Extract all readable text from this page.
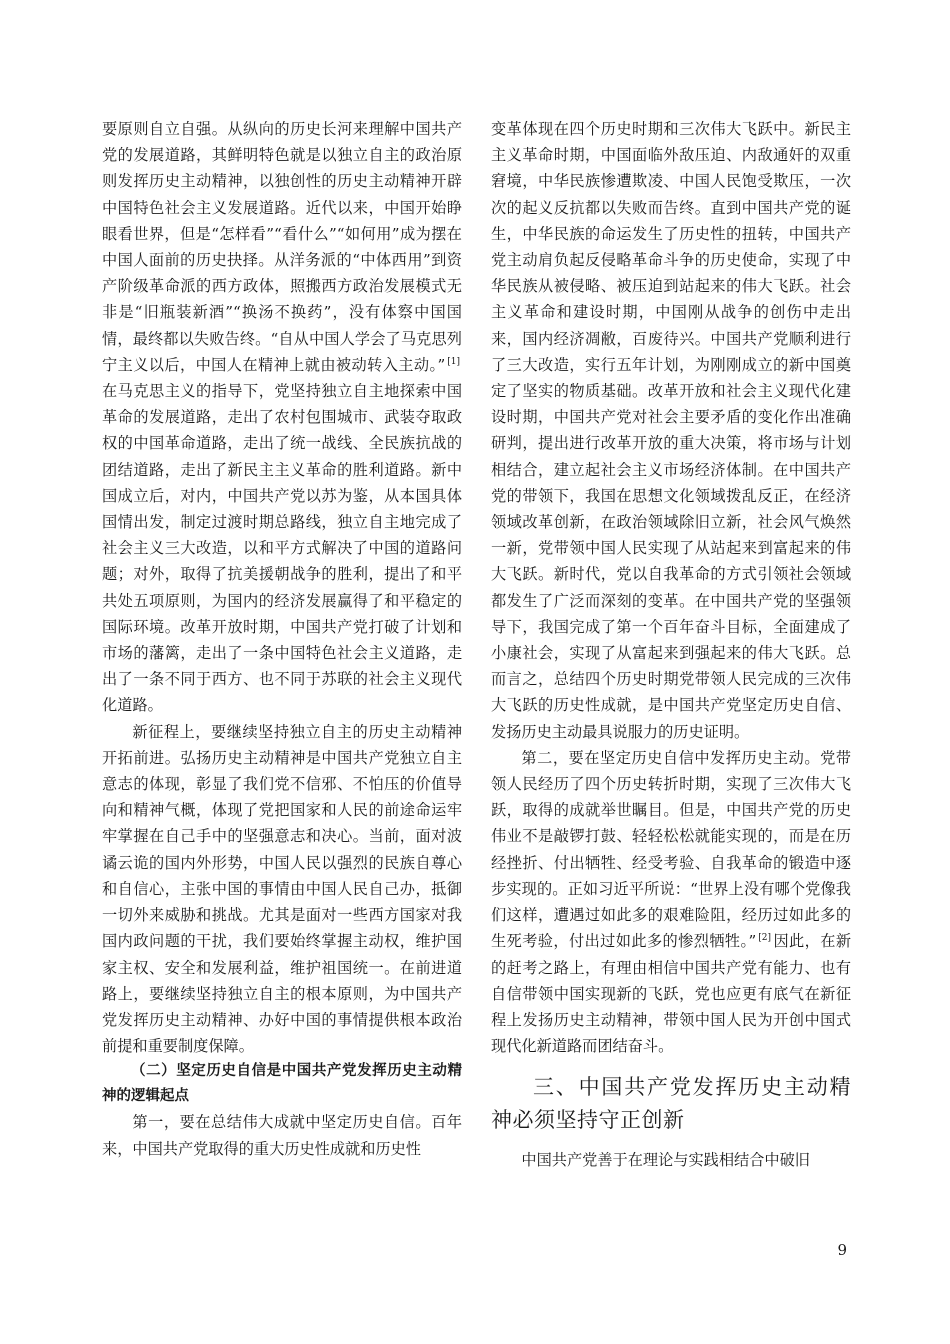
要原则自立自强。从纵向的历史长河来理解中国共产党的发展道路，其鲜明特色就是以独立自主的政治原则发挥历史主动精神，以独创性的历史主动精神开辟中国特色社会主义发展道路。近代以来，中国开始睁眼看世界，但是“怎样看”“看什么”“如何用”成为摆在中国人面前的历史抉择。从洋务派的“中体西用”到资产阶级革命派的西方政体，照搬西方政治发展模式无非是“旧瓶装新酒”“换汤不换药”，没有体察中国国情，最终都以失败告终。“自从中国人学会了马克思列宁主义以后，中国人在精神上就由被动转入主动。” [1]在马克思主义的指导下，党坚持独立自主地探索中国革命的发展道路，走出了农村包围城市、武装夺取政权的中国革命道路，走出了统一战线、全民族抗战的团结道路，走出了新民主主义革命的胜利道路。新中国成立后，对内，中国共产党以苏为鉴，从本国具体国情出发，制定过渡时期总路线，独立自主地完成了社会主义三大改造，以和平方式解决了中国的道路问题；对外，取得了抗美援朝战争的胜利，提出了和平共处五项原则，为国内的经济发展赢得了和平稳定的国际环境。改革开放时期，中国共产党打破了计划和市场的藩篱，走出了一条中国特色社会主义道路，走出了一条不同于西方、也不同于苏联的社会主义现代化道路。

新征程上，要继续坚持独立自主的历史主动精神开拓前进。弘扬历史主动精神是中国共产党独立自主意志的体现，彰显了我们党不信邪、不怕压的价值导向和精神气概，体现了党把国家和人民的前途命运牢牢掌握在自己手中的坚强意志和决心。当前，面对波谲云诡的国内外形势，中国人民以强烈的民族自尊心和自信心，主张中国的事情由中国人民自己办，抵御一切外来威胁和挑战。尤其是面对一些西方国家对我国内政问题的干扰，我们要始终掌握主动权，维护国家主权、安全和发展利益，维护祖国统一。在前进道路上，要继续坚持独立自主的根本原则，为中国共产党发挥历史主动精神、办好中国的事情提供根本政治前提和重要制度保障。

（二）坚定历史自信是中国共产党发挥历史主动精神的逻辑起点

第一，要在总结伟大成就中坚定历史自信。百年来，中国共产党取得的重大历史性成就和历史性

变革体现在四个历史时期和三次伟大飞跃中。新民主主义革命时期，中国面临外敌压迫、内敌通奸的双重窘境，中华民族惨遭欺凌、中国人民饱受欺压，一次次的起义反抗都以失败而告终。直到中国共产党的诞生，中华民族的命运发生了历史性的扭转，中国共产党主动肩负起反侵略革命斗争的历史使命，实现了中华民族从被侵略、被压迫到站起来的伟大飞跃。社会主义革命和建设时期，中国刚从战争的创伤中走出来，国内经济凋敝，百废待兴。中国共产党顺利进行了三大改造，实行五年计划，为刚刚成立的新中国奠定了坚实的物质基础。改革开放和社会主义现代化建设时期，中国共产党对社会主要矛盾的变化作出准确研判，提出进行改革开放的重大决策，将市场与计划相结合，建立起社会主义市场经济体制。在中国共产党的带领下，我国在思想文化领域拨乱反正，在经济领域改革创新，在政治领域除旧立新，社会风气焕然一新，党带领中国人民实现了从站起来到富起来的伟大飞跃。新时代，党以自我革命的方式引领社会领域都发生了广泛而深刻的变革。在中国共产党的坚强领导下，我国完成了第一个百年奋斗目标，全面建成了小康社会，实现了从富起来到强起来的伟大飞跃。总而言之，总结四个历史时期党带领人民完成的三次伟大飞跃的历史性成就，是中国共产党坚定历史自信、发扬历史主动最具说服力的历史证明。

第二，要在坚定历史自信中发挥历史主动。党带领人民经历了四个历史转折时期，实现了三次伟大飞跃，取得的成就举世瞩目。但是，中国共产党的历史伟业不是敲锣打鼓、轻轻松松就能实现的，而是在历经挫折、付出牺牲、经受考验、自我革命的锻造中逐步实现的。正如习近平所说：“世界上没有哪个党像我们这样，遭遇过如此多的艰难险阻，经历过如此多的生死考验，付出过如此多的惨烈牺牲。” [2] 因此，在新的赶考之路上，有理由相信中国共产党有能力、也有自信带领中国实现新的飞跃，党也应更有底气在新征程上发扬历史主动精神，带领中国人民为开创中国式现代化新道路而团结奋斗。

三、中国共产党发挥历史主动精神必须坚持守正创新

中国共产党善于在理论与实践相结合中破旧

9
